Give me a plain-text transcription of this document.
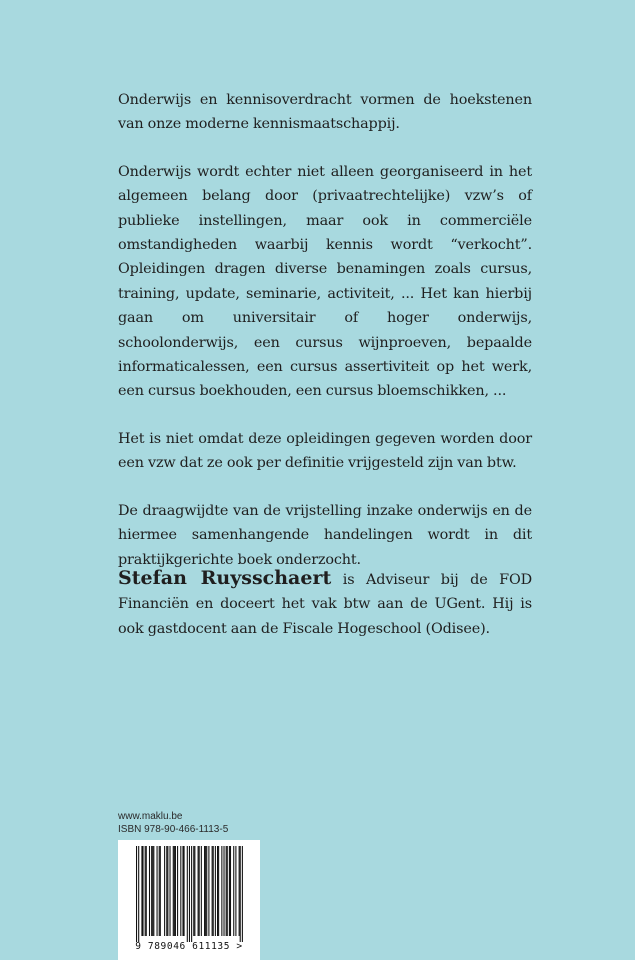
Onderwijs en kennisoverdracht vormen de hoekstenen van onze moderne kennismaatschappij.

Onderwijs wordt echter niet alleen georganiseerd in het algemeen belang door (privaatrechtelijke) vzw’s of publieke instellingen, maar ook in commerciële omstandigheden waarbij kennis wordt “verkocht”. Opleidingen dragen diverse benamingen zoals cursus, training, update, seminarie, activiteit, ... Het kan hierbij gaan om universitair of hoger onderwijs, schoolonderwijs, een cursus wijnproeven, bepaalde informaticalessen, een cursus assertiviteit op het werk, een cursus boekhouden, een cursus bloemschikken, ...

Het is niet omdat deze opleidingen gegeven worden door een vzw dat ze ook per definitie vrijgesteld zijn van btw.

De draagwijdte van de vrijstelling inzake onderwijs en de hiermee samenhangende handelingen wordt in dit praktijkgerichte boek onderzocht.

Stefan Ruysschaert is Adviseur bij de FOD Financiën en doceert het vak btw aan de UGent. Hij is ook gastdocent aan de Fiscale Hogeschool (Odisee).

www.maklu.be
ISBN 978-90-466-1113-5
9 789046 611135 >
